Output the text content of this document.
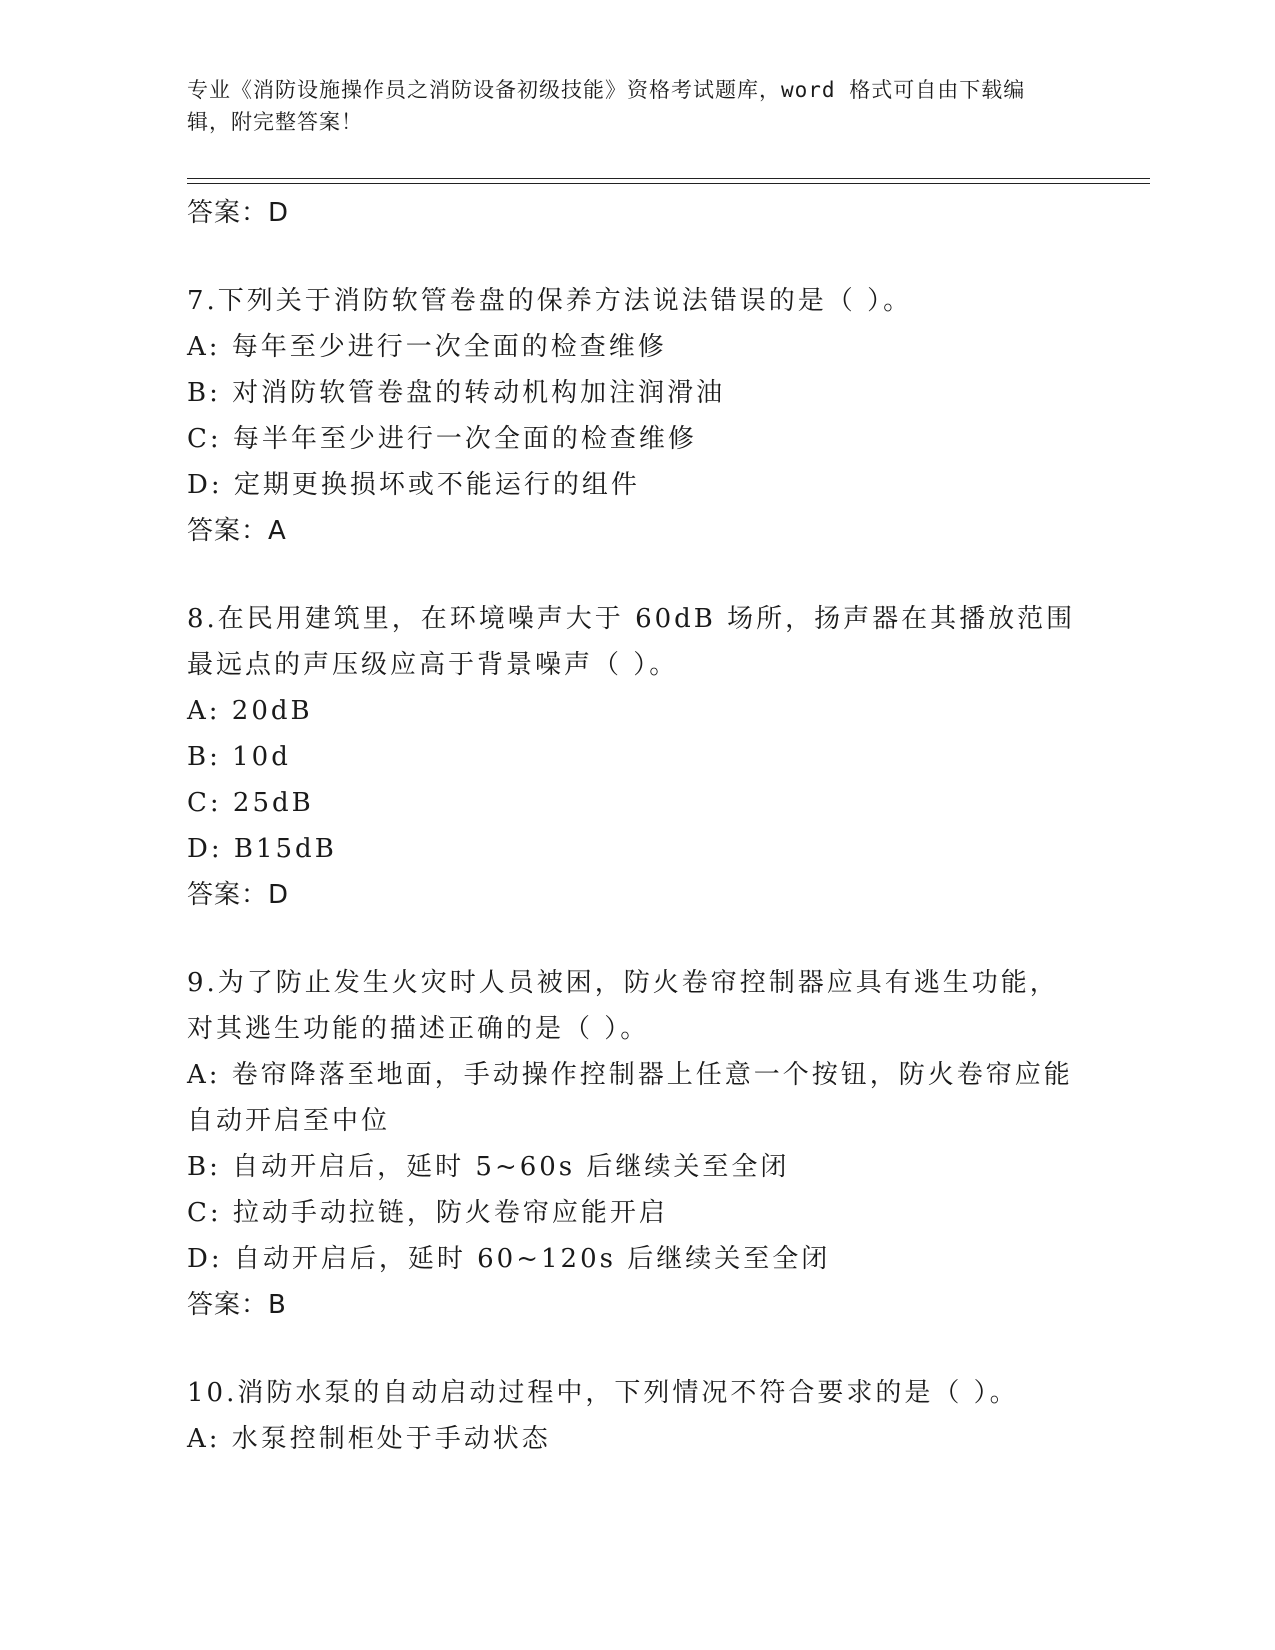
专业《消防设施操作员之消防设备初级技能》资格考试题库，word 格式可自由下载编辑，附完整答案！

答案：D

7.下列关于消防软管卷盘的保养方法说法错误的是（ ）。

A: 每年至少进行一次全面的检查维修

B: 对消防软管卷盘的转动机构加注润滑油

C: 每半年至少进行一次全面的检查维修

D: 定期更换损坏或不能运行的组件

答案：A

8.在民用建筑里，在环境噪声大于 60dB 场所，扬声器在其播放范围最远点的声压级应高于背景噪声（ ）。

A: 20dB

B: 10d

C: 25dB

D: B15dB

答案：D

9.为了防止发生火灾时人员被困，防火卷帘控制器应具有逃生功能，对其逃生功能的描述正确的是（ ）。

A: 卷帘降落至地面，手动操作控制器上任意一个按钮，防火卷帘应能自动开启至中位

B: 自动开启后，延时 5~60s 后继续关至全闭

C: 拉动手动拉链，防火卷帘应能开启

D: 自动开启后，延时 60~120s 后继续关至全闭

答案：B

10.消防水泵的自动启动过程中，下列情况不符合要求的是（ ）。

A: 水泵控制柜处于手动状态
